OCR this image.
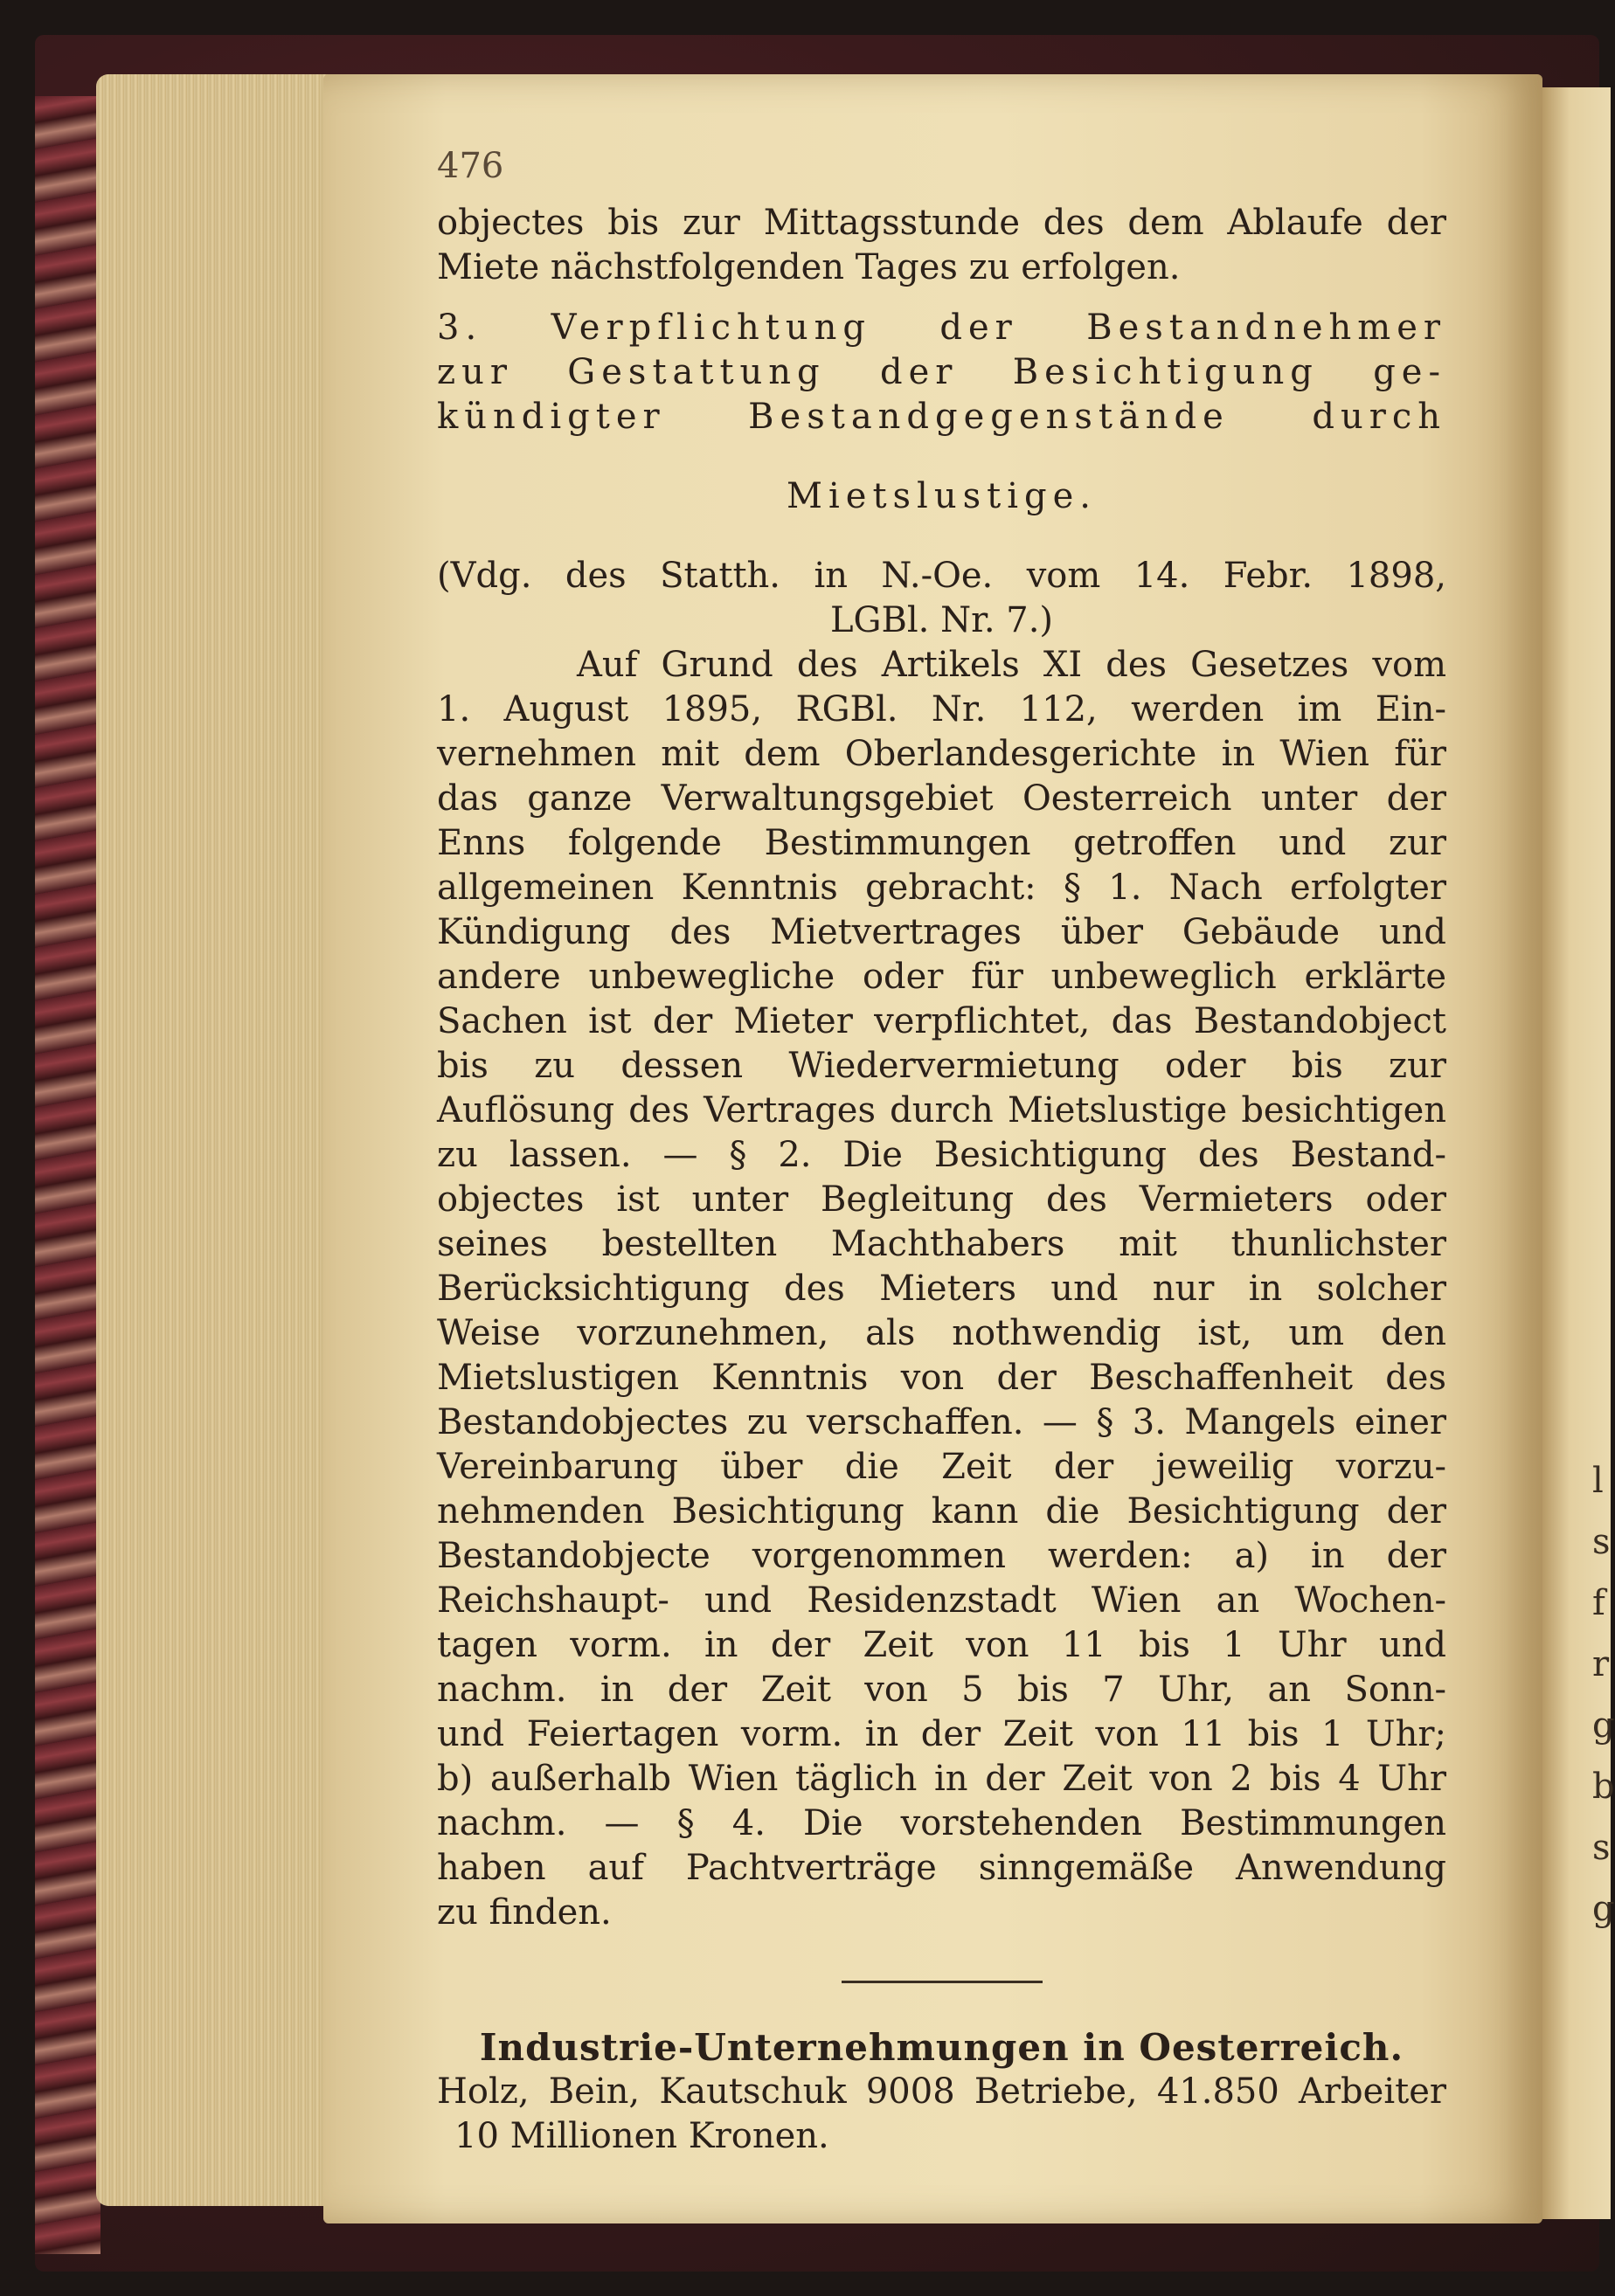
l
s
f
r
g
b
s
g
476

objectes bis zur Mittagsstunde des dem Ablaufe der

Miete nächstfolgenden Tages zu erfolgen.

3. Verpflichtung der Bestandnehmer

zur Gestattung der Besichtigung ge-

kündigter Bestandgegenstände durch

Mietslustige.

(Vdg. des Statth. in N.-Oe. vom 14. Febr. 1898,

LGBl. Nr. 7.)

Auf Grund des Artikels XI des Gesetzes vom

1. August 1895, RGBl. Nr. 112, werden im Ein-

vernehmen mit dem Oberlandesgerichte in Wien für

das ganze Verwaltungsgebiet Oesterreich unter der

Enns folgende Bestimmungen getroffen und zur

allgemeinen Kenntnis gebracht: § 1. Nach erfolgter

Kündigung des Mietvertrages über Gebäude und

andere unbewegliche oder für unbeweglich erklärte

Sachen ist der Mieter verpflichtet, das Bestandobject

bis zu dessen Wiedervermietung oder bis zur

Auflösung des Vertrages durch Mietslustige besichtigen

zu lassen. — § 2. Die Besichtigung des Bestand-

objectes ist unter Begleitung des Vermieters oder

seines bestellten Machthabers mit thunlichster

Berücksichtigung des Mieters und nur in solcher

Weise vorzunehmen, als nothwendig ist, um den

Mietslustigen Kenntnis von der Beschaffenheit des

Bestandobjectes zu verschaffen. — § 3. Mangels einer

Vereinbarung über die Zeit der jeweilig vorzu-

nehmenden Besichtigung kann die Besichtigung der

Bestandobjecte vorgenommen werden: a) in der

Reichshaupt- und Residenzstadt Wien an Wochen-

tagen vorm. in der Zeit von 11 bis 1 Uhr und

nachm. in der Zeit von 5 bis 7 Uhr, an Sonn-

und Feiertagen vorm. in der Zeit von 11 bis 1 Uhr;

b) außerhalb Wien täglich in der Zeit von 2 bis 4 Uhr

nachm. — § 4. Die vorstehenden Bestimmungen

haben auf Pachtverträge sinngemäße Anwendung

zu finden.

Industrie-Unternehmungen in Oesterreich.

Holz, Bein, Kautschuk 9008 Betriebe, 41.850 Arbeiter

10 Millionen Kronen.
